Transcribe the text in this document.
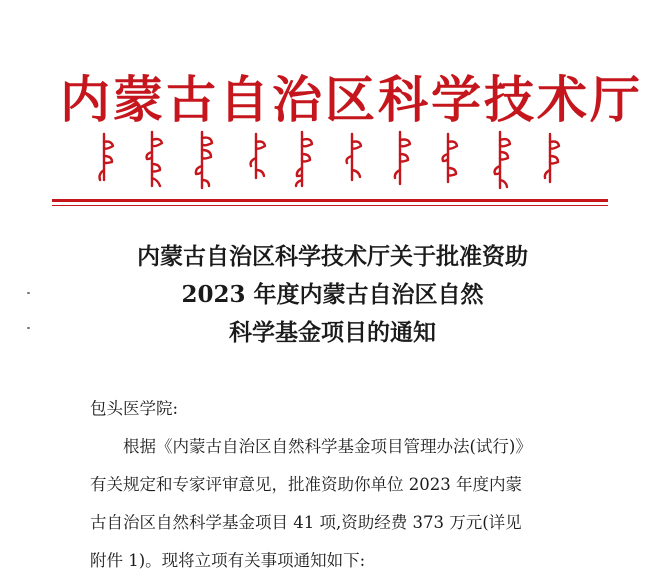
内蒙古自治区科学技术厅
内蒙古自治区科学技术厅关于批准资助
2023 年度内蒙古自治区自然
科学基金项目的通知

包头医学院:

根据《内蒙古自治区自然科学基金项目管理办法(试行)》

有关规定和专家评审意见，批准资助你单位 2023 年度内蒙

古自治区自然科学基金项目 41 项,资助经费 373 万元(详见

附件 1)。现将立项有关事项通知如下:
